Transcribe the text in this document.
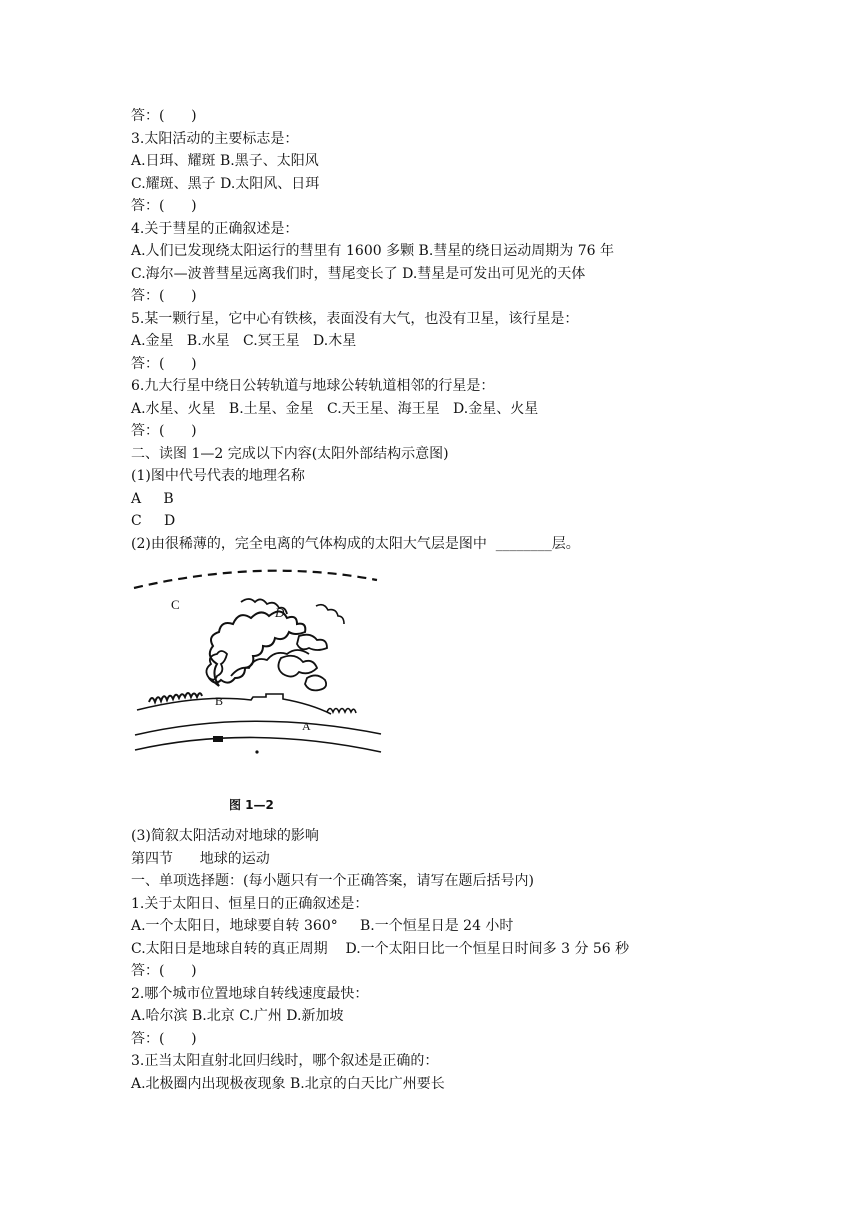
答：(      )
3.太阳活动的主要标志是：
A.日珥、耀斑 B.黑子、太阳风
C.耀斑、黑子 D.太阳风、日珥
答：(      )
4.关于彗星的正确叙述是：
A.人们已发现绕太阳运行的彗里有 1600 多颗 B.彗星的绕日运动周期为 76 年
C.海尔—波普彗星远离我们时，彗尾变长了 D.彗星是可发出可见光的天体
答：(      )
5.某一颗行星，它中心有铁核，表面没有大气，也没有卫星，该行星是：
A.金星   B.水星   C.冥王星   D.木星
答：(      )
6.九大行星中绕日公转轨道与地球公转轨道相邻的行星是：
A.水星、火星   B.土星、金星   C.天王星、海王星   D.金星、火星
答：(      )
二、读图 1—2 完成以下内容(太阳外部结构示意图)
(1)图中代号代表的地理名称
A     B
C     D
(2)由很稀薄的，完全电离的气体构成的太阳大气层是图中  ________层。
C
D
B
A
图 1—2
(3)简叙太阳活动对地球的影响
第四节      地球的运动
一、单项选择题：(每小题只有一个正确答案，请写在题后括号内)
1.关于太阳日、恒星日的正确叙述是：
A.一个太阳日，地球要自转 360°     B.一个恒星日是 24 小时
C.太阳日是地球自转的真正周期    D.一个太阳日比一个恒星日时间多 3 分 56 秒
答：(      )
2.哪个城市位置地球自转线速度最快：
A.哈尔滨 B.北京 C.广州 D.新加坡
答：(      )
3.正当太阳直射北回归线时，哪个叙述是正确的：
A.北极圈内出现极夜现象 B.北京的白天比广州要长
